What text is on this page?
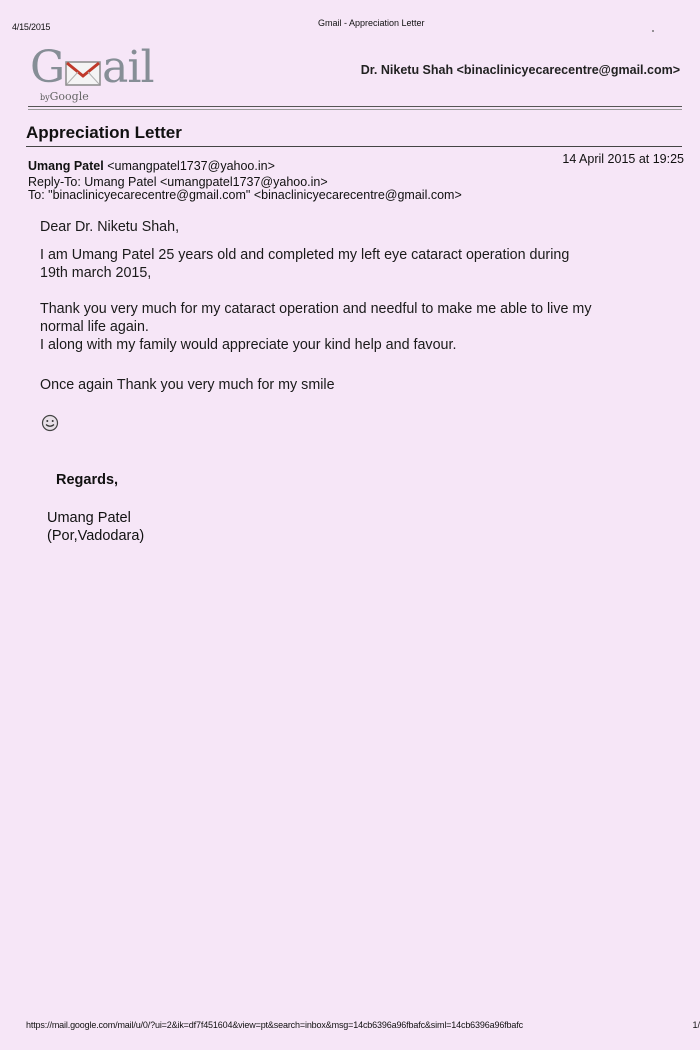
4/15/2015	Gmail - Appreciation Letter
G ail
byGoogle
Dr. Niketu Shah <binaclinicyecarecentre@gmail.com>
Appreciation Letter
Umang Patel <umangpatel1737@yahoo.in>
Reply-To: Umang Patel <umangpatel1737@yahoo.in>
To: "binaclinicyecarecentre@gmail.com" <binaclinicyecarecentre@gmail.com>
14 April 2015 at 19:25
Dear Dr. Niketu Shah,
I am Umang Patel 25 years old and completed my left eye cataract operation during
19th march 2015,
Thank you very much for my cataract operation and needful to make me able to live my
normal life again.
I along with my family would appreciate your kind help and favour.
Once again Thank you very much for my smile
Regards,
Umang Patel
(Por,Vadodara)
https://mail.google.com/mail/u/0/?ui=2&ik=df7f451604&view=pt&search=inbox&msg=14cb6396a96fbafc&siml=14cb6396a96fbafc	1/
